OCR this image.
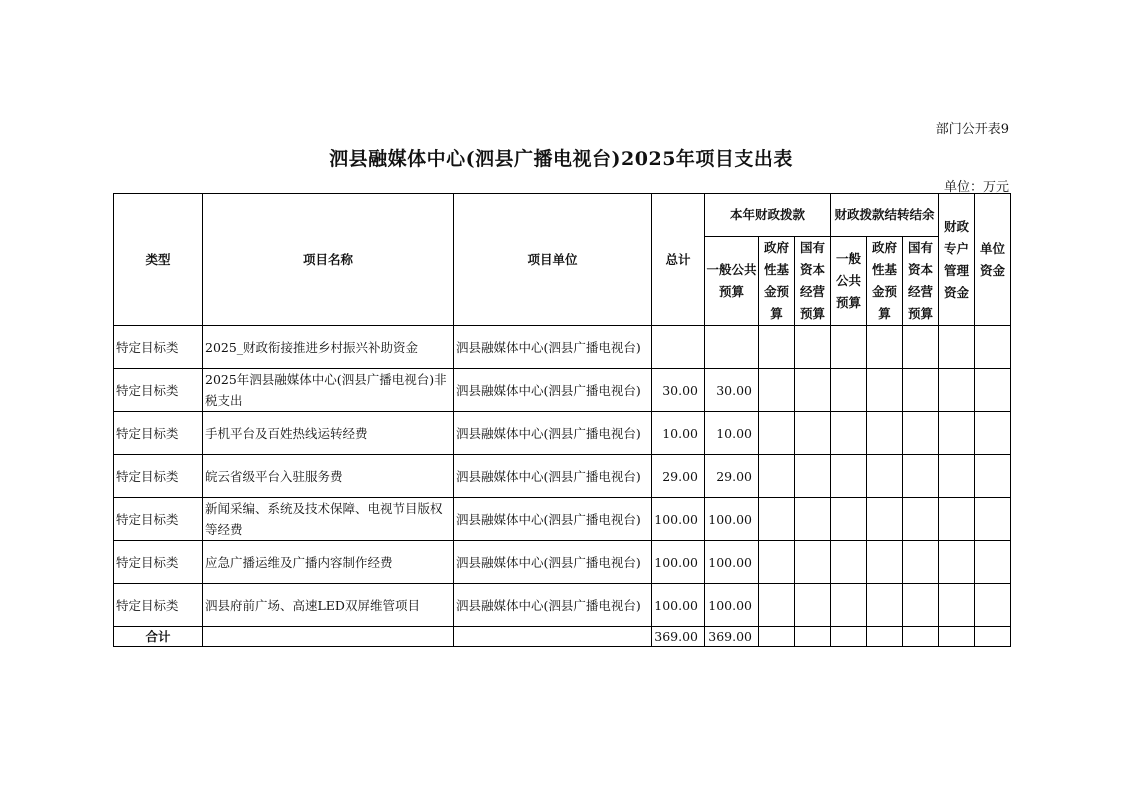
部门公开表9
泗县融媒体中心(泗县广播电视台)2025年项目支出表
单位：万元
类型	项目名称	项目单位	总计	本年财政拨款			财政拨款结转结余			财政专户管理资金	单位资金

				一般公共预算	政府性基金预算	国有资本经营预算	一般公共预算	政府性基金预算	国有资本经营预算		

特定目标类	2025_财政衔接推进乡村振兴补助资金	泗县融媒体中心(泗县广播电视台)									
特定目标类	2025年泗县融媒体中心(泗县广播电视台)非税支出	泗县融媒体中心(泗县广播电视台)	30.00	30.00							
特定目标类	手机平台及百姓热线运转经费	泗县融媒体中心(泗县广播电视台)	10.00	10.00							
特定目标类	皖云省级平台入驻服务费	泗县融媒体中心(泗县广播电视台)	29.00	29.00							
特定目标类	新闻采编、系统及技术保障、电视节目版权等经费	泗县融媒体中心(泗县广播电视台)	100.00	100.00							
特定目标类	应急广播运维及广播内容制作经费	泗县融媒体中心(泗县广播电视台)	100.00	100.00							
特定目标类	泗县府前广场、高速LED双屏维管项目	泗县融媒体中心(泗县广播电视台)	100.00	100.00							
合计			369.00	369.00							
